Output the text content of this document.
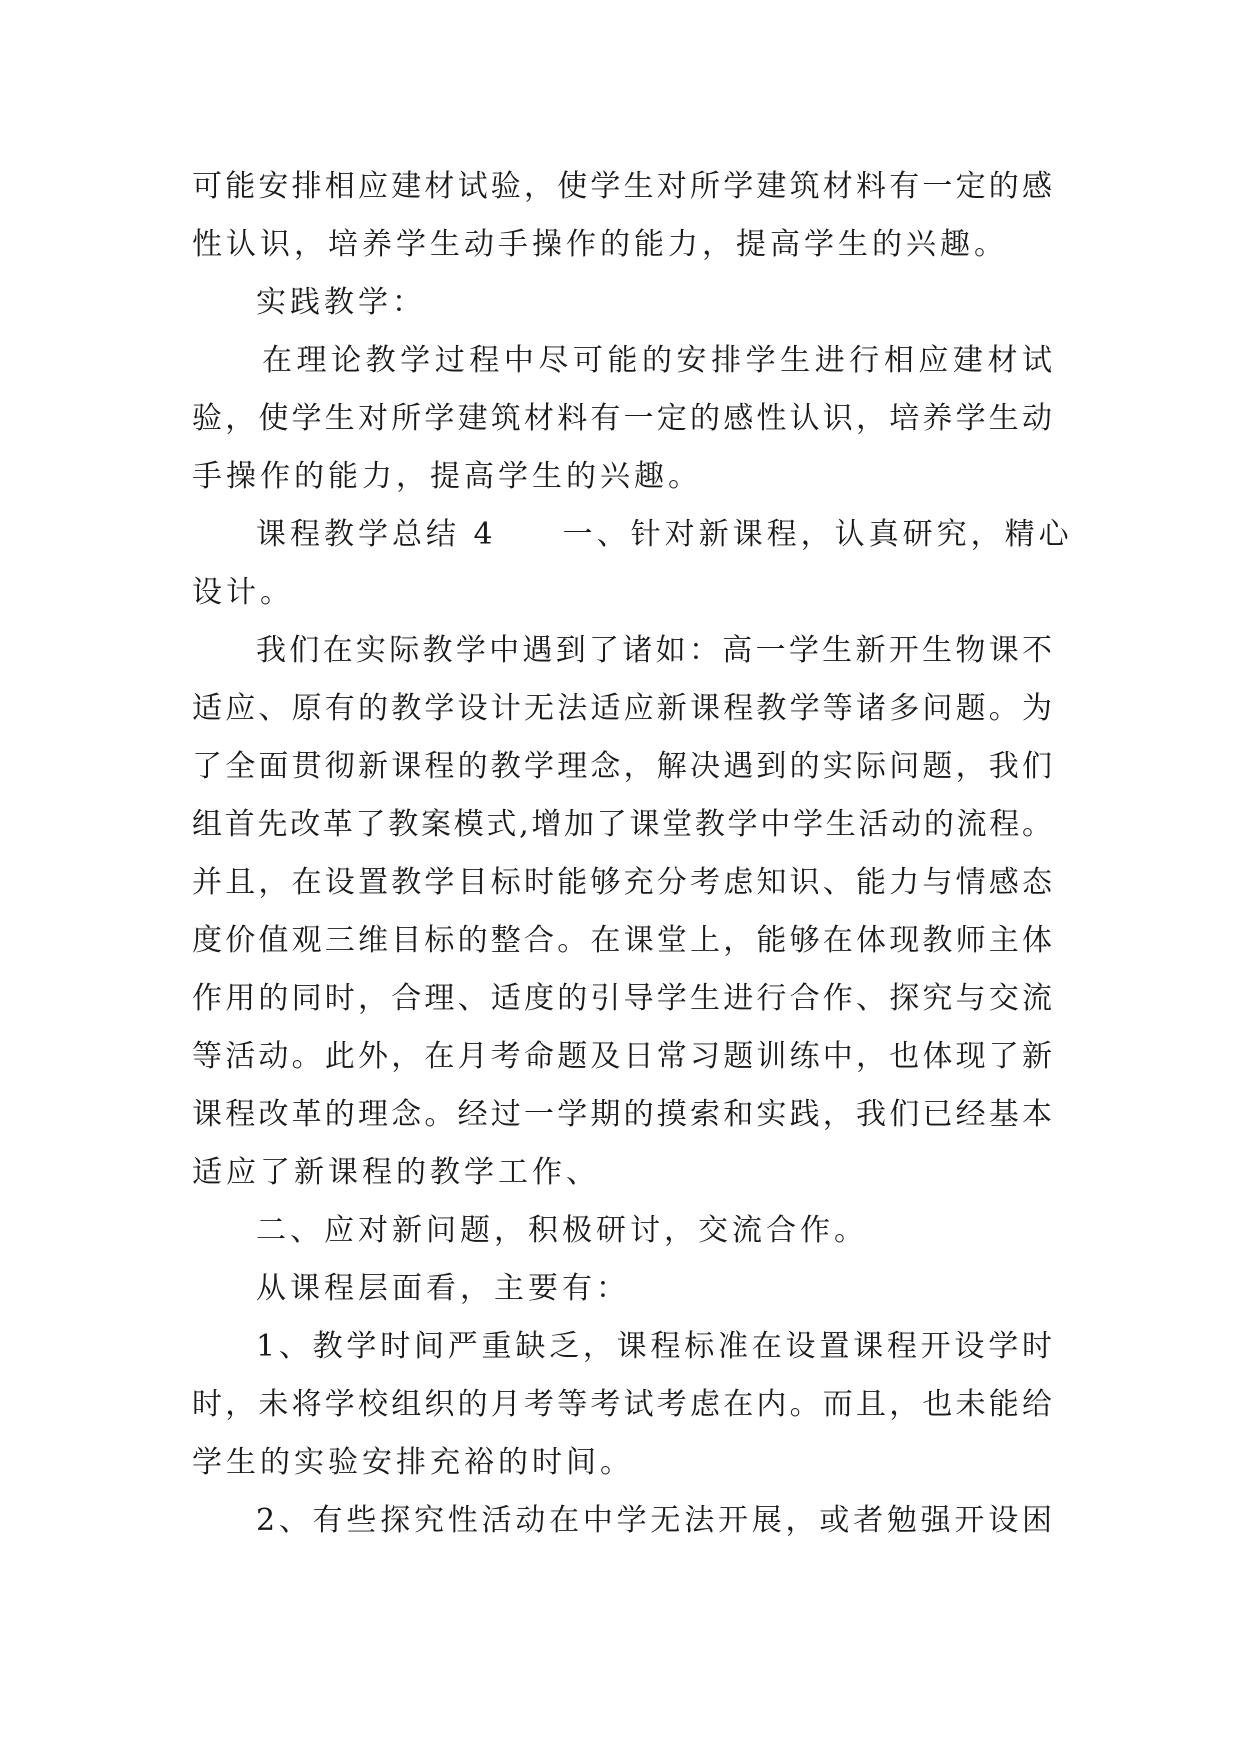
可能安排相应建材试验，使学生对所学建筑材料有一定的感
性认识，培养学生动手操作的能力，提高学生的兴趣。
实践教学：
在理论教学过程中尽可能的安排学生进行相应建材试
验，使学生对所学建筑材料有一定的感性认识，培养学生动
手操作的能力，提高学生的兴趣。
课程教学总结 4 一、针对新课程，认真研究，精心
设计。
我们在实际教学中遇到了诸如：高一学生新开生物课不
适应、原有的教学设计无法适应新课程教学等诸多问题。为
了全面贯彻新课程的教学理念，解决遇到的实际问题，我们
组首先改革了教案模式,增加了课堂教学中学生活动的流程。
并且，在设置教学目标时能够充分考虑知识、能力与情感态
度价值观三维目标的整合。在课堂上，能够在体现教师主体
作用的同时，合理、适度的引导学生进行合作、探究与交流
等活动。此外，在月考命题及日常习题训练中，也体现了新
课程改革的理念。经过一学期的摸索和实践，我们已经基本
适应了新课程的教学工作、
二、应对新问题，积极研讨，交流合作。
从课程层面看，主要有：
1、教学时间严重缺乏，课程标准在设置课程开设学时
时，未将学校组织的月考等考试考虑在内。而且，也未能给
学生的实验安排充裕的时间。
2、有些探究性活动在中学无法开展，或者勉强开设困
